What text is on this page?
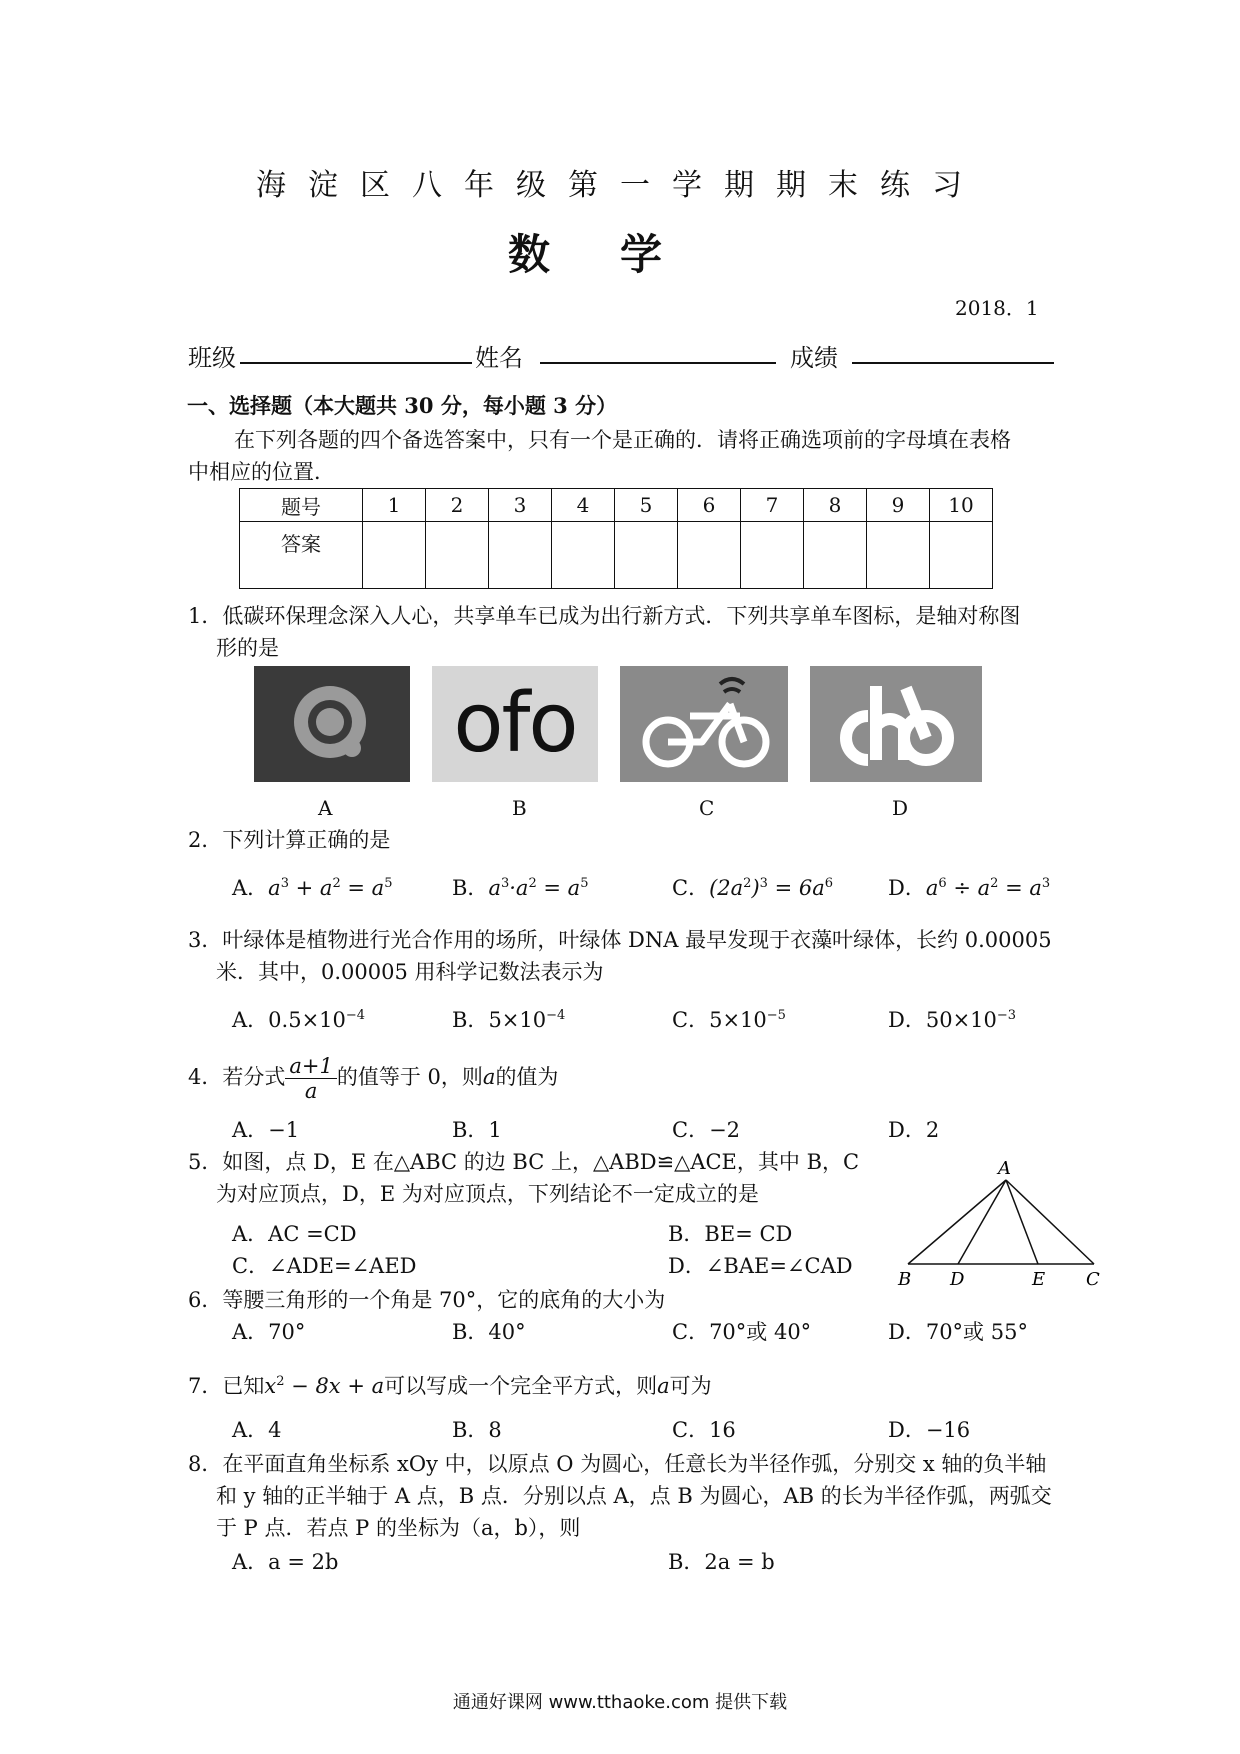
海淀区八年级第一学期期末练习
数学
2018．1
班级	姓名	成绩
一、选择题（本大题共 30 分，每小题 3 分）
在下列各题的四个备选答案中，只有一个是正确的．请将正确选项前的字母填在表格
中相应的位置．
题号	1	2	3	4	5	6	7	8	9	10
答案										
1．低碳环保理念深入人心，共享单车已成为出行新方式．下列共享单车图标，是轴对称图
形的是
ofo
A	B	C	D
2．下列计算正确的是
A．$a^3 + a^2 = a^5$	B．$a^3\cdot a^2 = a^5$	C．$(2a^2)^3 = 6a^6$	D．$a^6 \div a^2 = a^3$
3．叶绿体是植物进行光合作用的场所，叶绿体 DNA 最早发现于衣藻叶绿体，长约 0.00005
米．其中，0.00005 用科学记数法表示为
A．$0.5\times 10^{-4}$	B．$5\times 10^{-4}$	C．$5\times 10^{-5}$	D．$50\times 10^{-3}$
4．若分式 $\frac{a+1}{a}$ 的值等于 0，则a的值为
A．−1	B．1	C．−2	D．2
5．如图，点 D，E 在△ABC 的边 BC 上，△ABD≌△ACE，其中 B，C
为对应顶点，D，E 为对应顶点，下列结论不一定成立的是
A．AC =CD	B．BE= CD
C．∠ADE=∠AED	D．∠BAE=∠CAD
A
B D	E C
6．等腰三角形的一个角是 70°，它的底角的大小为
A．70°	B．40°	C．70°或 40°	D．70°或 55°
7．已知$x^2 - 8x + a$可以写成一个完全平方式，则a可为
A．4	B．8	C．16	D．−16
8．在平面直角坐标系 xOy 中，以原点 O 为圆心，任意长为半径作弧，分别交 x 轴的负半轴
和 y 轴的正半轴于 A 点，B 点．分别以点 A，点 B 为圆心，AB 的长为半径作弧，两弧交
于 P 点．若点 P 的坐标为（a，b），则
A．a = 2b	B．2a = b
通通好课网 www.tthaoke.com 提供下载
